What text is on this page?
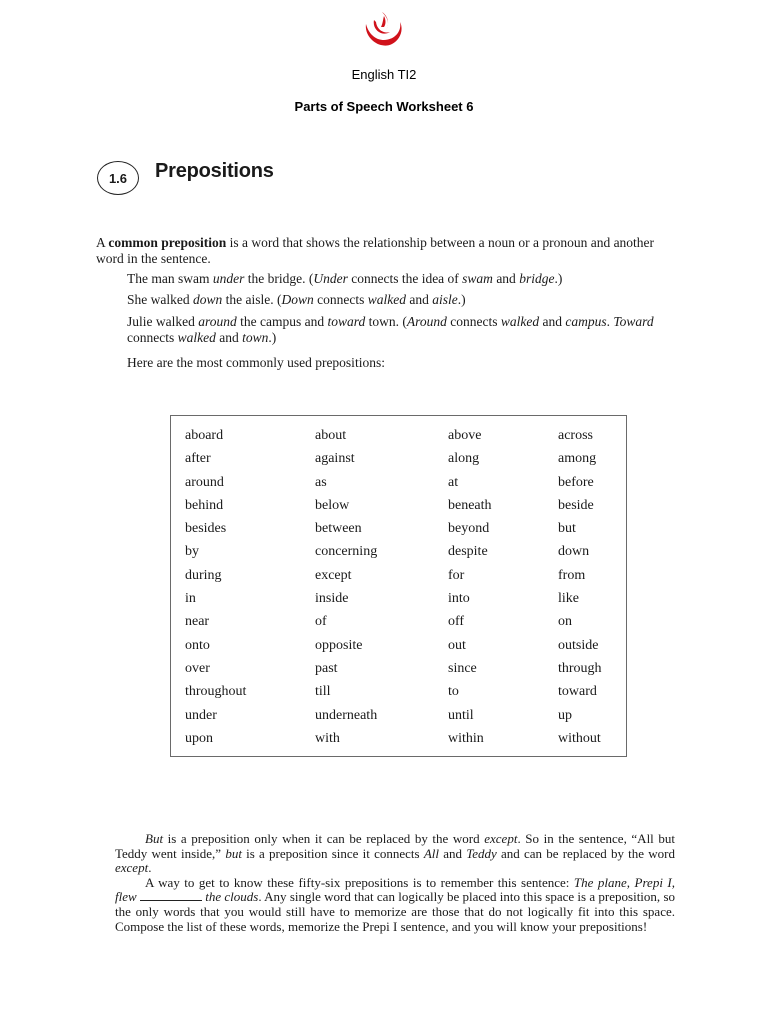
English TI2
Parts of Speech Worksheet 6
1.6	Prepositions
A common preposition is a word that shows the relationship between a noun or a pronoun and another word in the sentence.
The man swam under the bridge. (Under connects the idea of swam and bridge.)
She walked down the aisle. (Down connects walked and aisle.)
Julie walked around the campus and toward town. (Around connects walked and campus. Toward connects walked and town.)
Here are the most commonly used prepositions:
aboard	about	above	across
after	against	along	among
around	as	at	before
behind	below	beneath	beside
besides	between	beyond	but
by	concerning	despite	down
during	except	for	from
in	inside	into	like
near	of	off	on
onto	opposite	out	outside
over	past	since	through
throughout	till	to	toward
under	underneath	until	up
upon	with	within	without

But is a preposition only when it can be replaced by the word except. So in the sentence, “All but Teddy went inside,” but is a preposition since it connects All and Teddy and can be replaced by the word except.

A way to get to know these fifty-six prepositions is to remember this sentence: The plane, Prepi I, flew	the clouds. Any single word that can logically be placed into this space is a preposition, so the only words that you would still have to memorize are those that do not logically fit into this space. Compose the list of these words, memorize the Prepi I sentence, and you will know your prepositions!
